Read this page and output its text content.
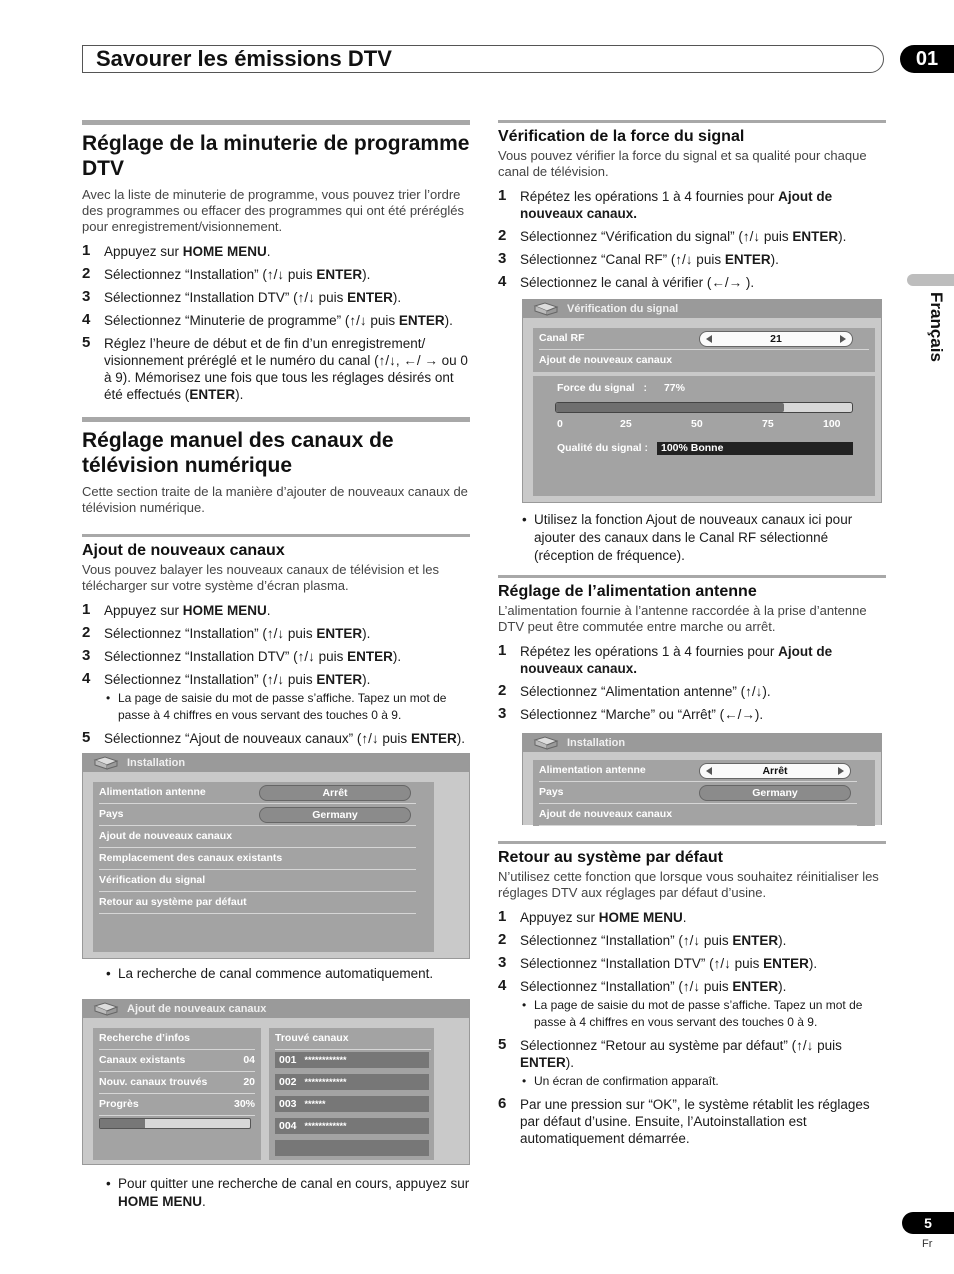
Savourer les émissions DTV	01
Français
Réglage de la minuterie de programme DTV

Avec la liste de minuterie de programme, vous pouvez trier l’ordre des programmes ou effacer des programmes qui ont été préréglés pour enregistrement/visionnement.

1 Appuyez sur HOME MENU.
2 Sélectionnez “Installation” (↑/↓ puis ENTER).
3 Sélectionnez “Installation DTV” (↑/↓ puis ENTER).
4 Sélectionnez “Minuterie de programme” (↑/↓ puis ENTER).
5 Réglez l’heure de début et de fin d’un enregistrement/ visionnement préréglé et le numéro du canal (↑/↓, ←/ → ou 0 à 9). Mémorisez une fois que tous les réglages désirés ont été effectués (ENTER).
Réglage manuel des canaux de télévision numérique

Cette section traite de la manière d’ajouter de nouveaux canaux de télévision numérique.

Ajout de nouveaux canaux

Vous pouvez balayer les nouveaux canaux de télévision et les télécharger sur votre système d’écran plasma.

1 Appuyez sur HOME MENU.
2 Sélectionnez “Installation” (↑/↓ puis ENTER).
3 Sélectionnez “Installation DTV” (↑/↓ puis ENTER).
4 Sélectionnez “Installation” (↑/↓ puis ENTER).
• La page de saisie du mot de passe s’affiche. Tapez un mot de passe à 4 chiffres en vous servant des touches 0 à 9.
5 Sélectionnez “Ajout de nouveaux canaux” (↑/↓ puis ENTER).
Installation
Alimentation antenne	Arrêt
Pays	Germany
Ajout de nouveaux canaux
Remplacement des canaux existants
Vérification du signal
Retour au système par défaut
• La recherche de canal commence automatiquement.
Ajout de nouveaux canaux
Recherche d’infos
Canaux existants	04
Nouv. canaux trouvés	20
Progrès	30%
Trouvé canaux
001 ************
002 ************
003 ******
004 ************
• Pour quitter une recherche de canal en cours, appuyez sur HOME MENU.
Vérification de la force du signal

Vous pouvez vérifier la force du signal et sa qualité pour chaque canal de télévision.

1 Répétez les opérations 1 à 4 fournies pour Ajout de nouveaux canaux.
2 Sélectionnez “Vérification du signal” (↑/↓ puis ENTER).
3 Sélectionnez “Canal RF” (↑/↓ puis ENTER).
4 Sélectionnez le canal à vérifier (←/→ ).
Vérification du signal
Canal RF	21
Ajout de nouveaux canaux
Force du signal : 77%
0	25	50	75	100
Qualité du signal :	100% Bonne
• Utilisez la fonction Ajout de nouveaux canaux ici pour ajouter des canaux dans le Canal RF sélectionné (réception de fréquence).
Réglage de l’alimentation antenne

L’alimentation fournie à l’antenne raccordée à la prise d’antenne DTV peut être commutée entre marche ou arrêt.

1 Répétez les opérations 1 à 4 fournies pour Ajout de nouveaux canaux.
2 Sélectionnez “Alimentation antenne” (↑/↓).
3 Sélectionnez “Marche” ou “Arrêt” (←/→).
Installation
Alimentation antenne	Arrêt
Pays	Germany
Ajout de nouveaux canaux
Retour au système par défaut

N’utilisez cette fonction que lorsque vous souhaitez réinitialiser les réglages DTV aux réglages par défaut d’usine.

1 Appuyez sur HOME MENU.
2 Sélectionnez “Installation” (↑/↓ puis ENTER).
3 Sélectionnez “Installation DTV” (↑/↓ puis ENTER).
4 Sélectionnez “Installation” (↑/↓ puis ENTER).
• La page de saisie du mot de passe s’affiche. Tapez un mot de passe à 4 chiffres en vous servant des touches 0 à 9.
5 Sélectionnez “Retour au système par défaut” (↑/↓ puis ENTER).
• Un écran de confirmation apparaît.
6 Par une pression sur “OK”, le système rétablit les réglages par défaut d’usine. Ensuite, l’Autoinstallation est automatiquement démarrée.
5
Fr
